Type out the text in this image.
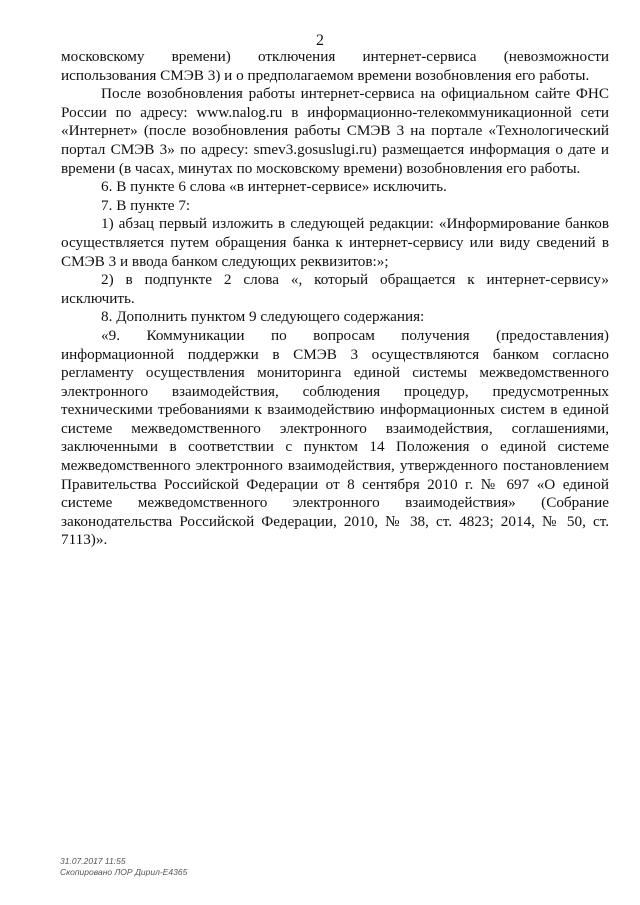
2

московскому времени) отключения интернет-сервиса (невозможности использования СМЭВ 3) и о предполагаемом времени возобновления его работы.

После возобновления работы интернет-сервиса на официальном сайте ФНС России по адресу: www.nalog.ru в информационно-телекоммуникационной сети «Интернет» (после возобновления работы СМЭВ 3 на портале «Технологический портал СМЭВ 3» по адресу: smev3.gosuslugi.ru) размещается информация о дате и времени (в часах, минутах по московскому времени) возобновления его работы.

6. В пункте 6 слова «в интернет-сервисе» исключить.

7. В пункте 7:

1) абзац первый изложить в следующей редакции: «Информирование банков осуществляется путем обращения банка к интернет-сервису или виду сведений в СМЭВ 3 и ввода банком следующих реквизитов:»;

2) в подпункте 2 слова «, который обращается к интернет-сервису» исключить.

8. Дополнить пунктом 9 следующего содержания:

«9. Коммуникации по вопросам получения (предоставления) информационной поддержки в СМЭВ 3 осуществляются банком согласно регламенту осуществления мониторинга единой системы межведомственного электронного взаимодействия, соблюдения процедур, предусмотренных техническими требованиями к взаимодействию информационных систем в единой системе межведомственного электронного взаимодействия, соглашениями, заключенными в соответствии с пунктом 14 Положения о единой системе межведомственного электронного взаимодействия, утвержденного постановлением Правительства Российской Федерации от 8 сентября 2010 г. № 697 «О единой системе межведомственного электронного взаимодействия» (Собрание законодательства Российской Федерации, 2010, № 38, ст. 4823; 2014, № 50, ст. 7113)».

31.07.2017 11:55
Скопировано ЛОР Дирил-Е4365
